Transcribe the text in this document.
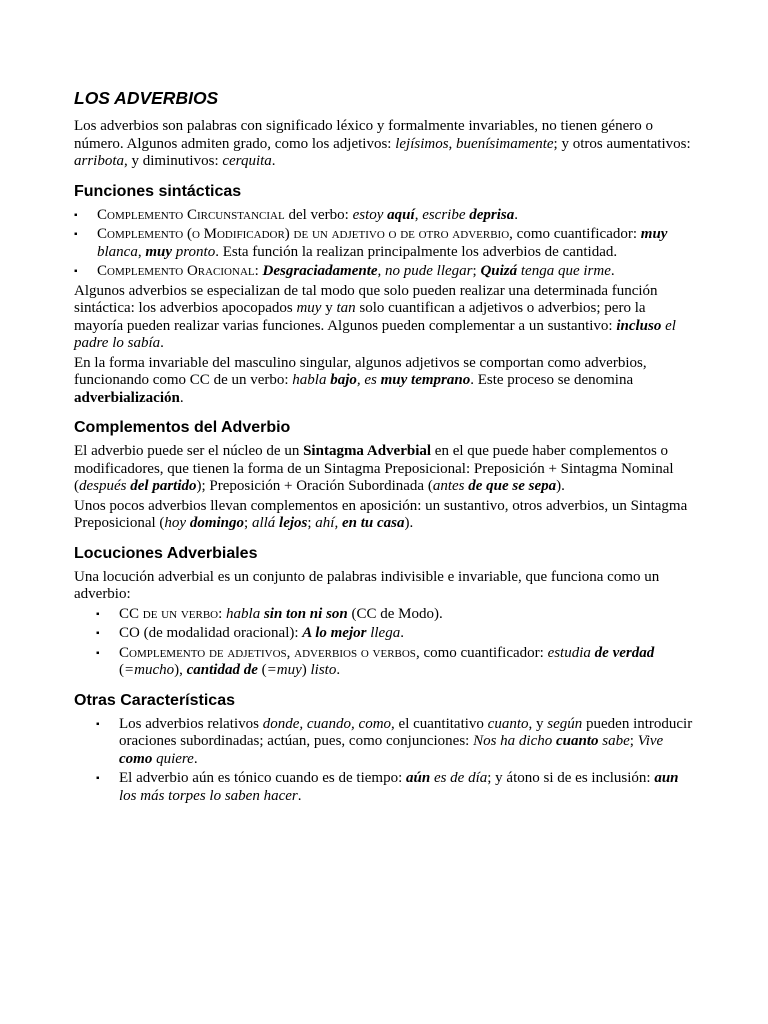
LOS ADVERBIOS

Los adverbios son palabras con significado léxico y formalmente invariables, no tienen género o número. Algunos admiten grado, como los adjetivos: lejísimos, buenísimamente; y otros aumentativos: arribota, y diminutivos: cerquita.

Funciones sintácticas
▪ Complemento Circunstancial del verbo: estoy aquí, escribe deprisa.
▪ Complemento (o Modificador) de un adjetivo o de otro adverbio, como cuantificador: muy blanca, muy pronto. Esta función la realizan principalmente los adverbios de cantidad.
▪ Complemento Oracional: Desgraciadamente, no pude llegar; Quizá tenga que irme.

Algunos adverbios se especializan de tal modo que solo pueden realizar una determinada función sintáctica: los adverbios apocopados muy y tan solo cuantifican a adjetivos o adverbios; pero la mayoría pueden realizar varias funciones. Algunos pueden complementar a un sustantivo: incluso el padre lo sabía.

En la forma invariable del masculino singular, algunos adjetivos se comportan como adverbios, funcionando como CC de un verbo: habla bajo, es muy temprano. Este proceso se denomina adverbialización.

Complementos del Adverbio

El adverbio puede ser el núcleo de un Sintagma Adverbial en el que puede haber complementos o modificadores, que tienen la forma de un Sintagma Preposicional: Preposición + Sintagma Nominal (después del partido); Preposición + Oración Subordinada (antes de que se sepa).

Unos pocos adverbios llevan complementos en aposición: un sustantivo, otros adverbios, un Sintagma Preposicional (hoy domingo; allá lejos; ahí, en tu casa).

Locuciones Adverbiales

Una locución adverbial es un conjunto de palabras indivisible e invariable, que funciona como un adverbio:

▪ CC de un verbo: habla sin ton ni son (CC de Modo).
▪ CO (de modalidad oracional): A lo mejor llega.
▪ Complemento de adjetivos, adverbios o verbos, como cuantificador: estudia de verdad (=mucho), cantidad de (=muy) listo.
Otras Características
▪ Los adverbios relativos donde, cuando, como, el cuantitativo cuanto, y según pueden introducir oraciones subordinadas; actúan, pues, como conjunciones: Nos ha dicho cuanto sabe; Vive como quiere.
▪ El adverbio aún es tónico cuando es de tiempo: aún es de día; y átono si de es inclusión: aun los más torpes lo saben hacer.
